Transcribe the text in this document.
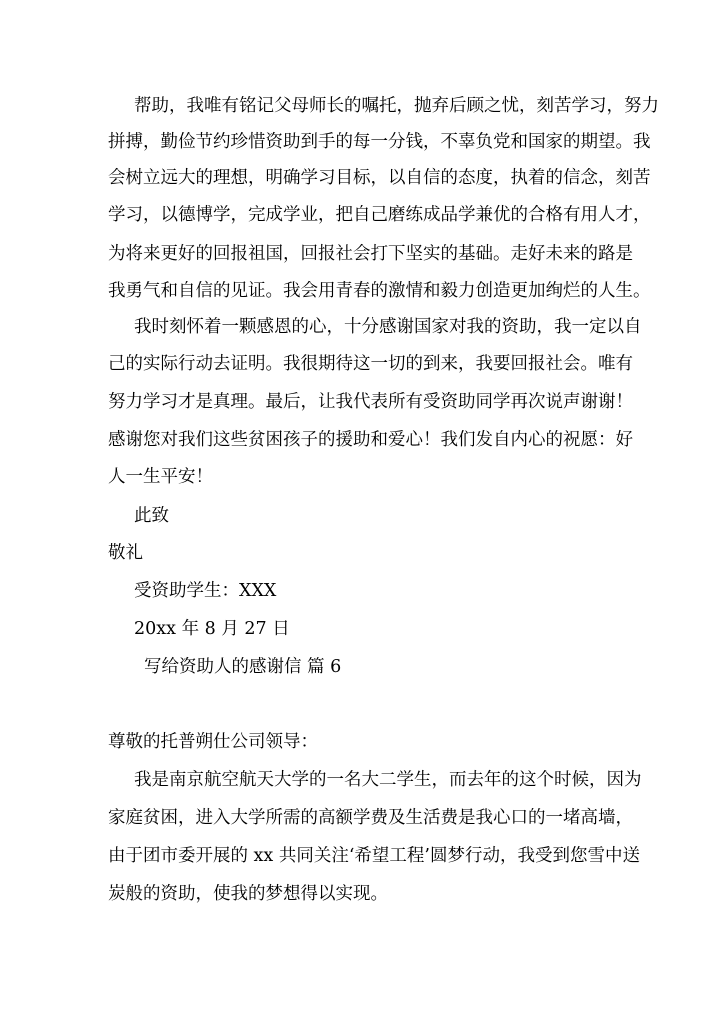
帮助，我唯有铭记父母师长的嘱托，抛弃后顾之忧，刻苦学习，努力
拼搏，勤俭节约珍惜资助到手的每一分钱，不辜负党和国家的期望。我
会树立远大的理想，明确学习目标，以自信的态度，执着的信念，刻苦
学习，以德博学，完成学业，把自己磨练成品学兼优的合格有用人才，
为将来更好的回报祖国，回报社会打下坚实的基础。走好未来的路是
我勇气和自信的见证。我会用青春的激情和毅力创造更加绚烂的人生。
我时刻怀着一颗感恩的心，十分感谢国家对我的资助，我一定以自
己的实际行动去证明。我很期待这一切的到来，我要回报社会。唯有
努力学习才是真理。最后，让我代表所有受资助同学再次说声谢谢！
感谢您对我们这些贫困孩子的援助和爱心！我们发自内心的祝愿：好
人一生平安！
此致
敬礼
受资助学生：XXX
20xx 年 8 月 27 日
写给资助人的感谢信 篇 6
尊敬的托普朔仕公司领导：
我是南京航空航天大学的一名大二学生，而去年的这个时候，因为
家庭贫困，进入大学所需的高额学费及生活费是我心口的一堵高墙，
由于团市委开展的 xx 共同关注‘希望工程’圆梦行动，我受到您雪中送
炭般的资助，使我的梦想得以实现。
